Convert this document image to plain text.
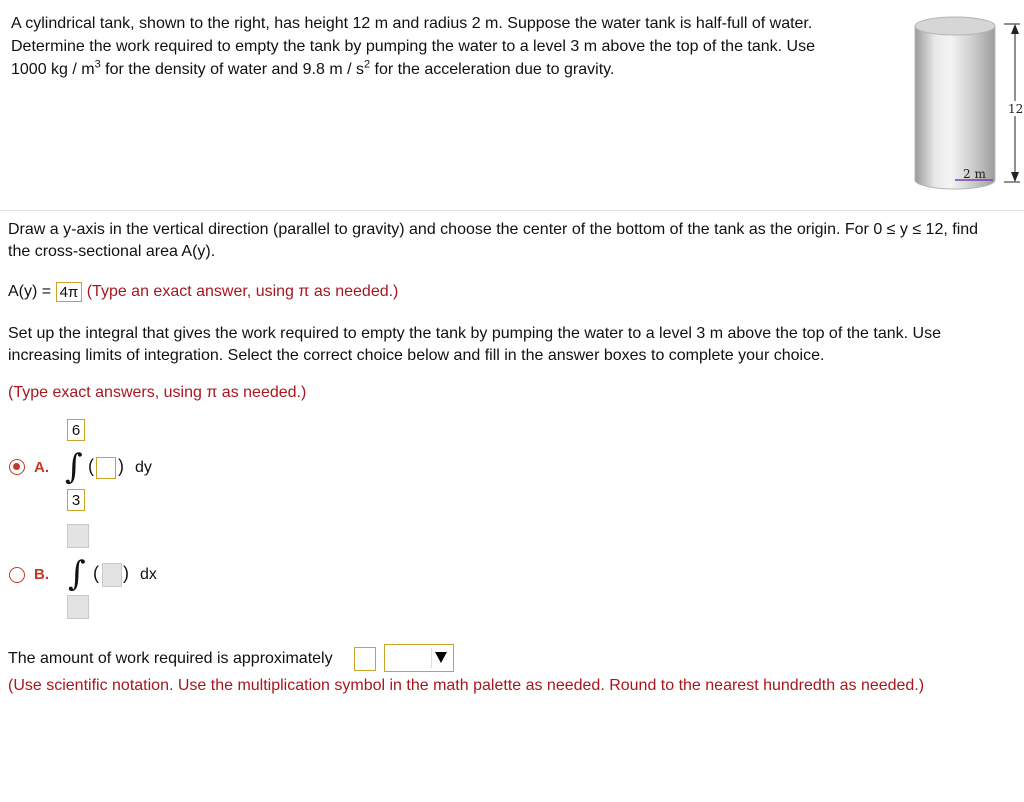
A cylindrical tank, shown to the right, has height 12 m and radius 2 m. Suppose the water tank is half-full of water.
Determine the work required to empty the tank by pumping the water to a level 3 m above the top of the tank. Use
1000 kg / $m^3$ for the density of water and 9.8 m / $s^2$ for the acceleration due to gravity.
12
2 m
Draw a y-axis in the vertical direction (parallel to gravity) and choose the center of the bottom of the tank as the origin. For 0 ≤ y ≤ 12, find
the cross-sectional area A(y).
A(y) = 4π (Type an exact answer, using π as needed.)
Set up the integral that gives the work required to empty the tank by pumping the water to a level 3 m above the top of the tank. Use
increasing limits of integration. Select the correct choice below and fill in the answer boxes to complete your choice.
(Type exact answers, using π as needed.)
A.
6
∫ ( ) dy
3
B. ∫ ( ) dx
The amount of work required is approximately
(Use scientific notation. Use the multiplication symbol in the math palette as needed. Round to the nearest hundredth as needed.)
